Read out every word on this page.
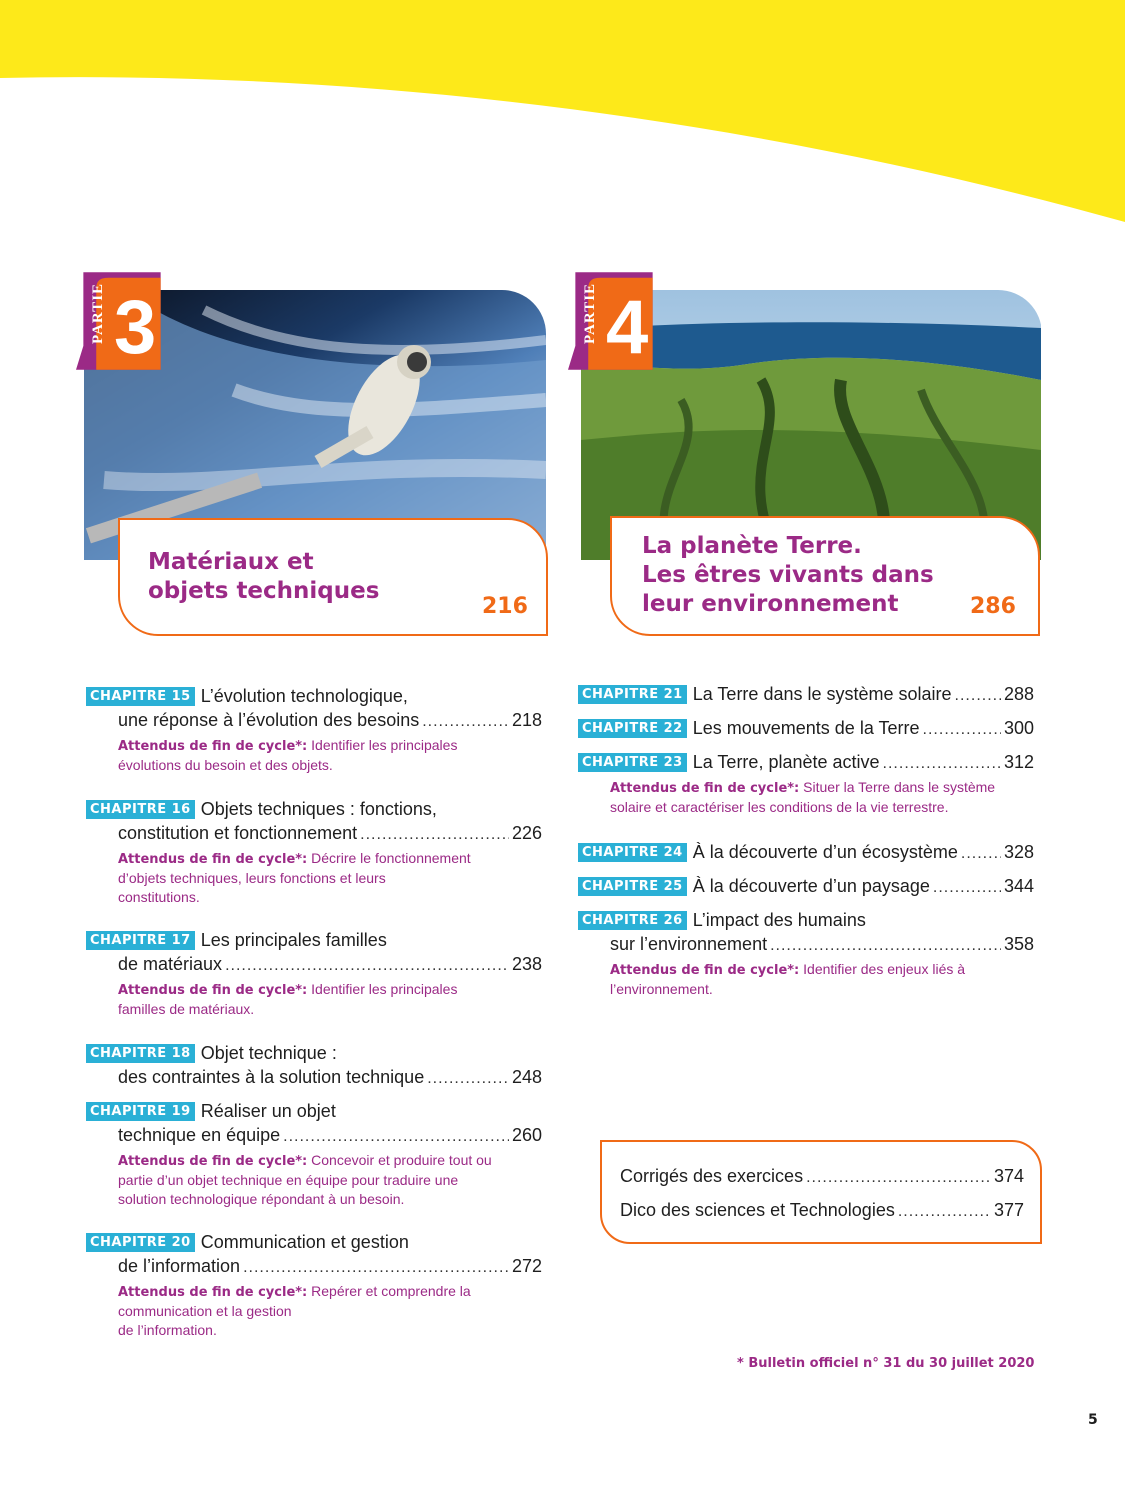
PARTIE 3
Matériaux et
objets techniques
216
PARTIE 4
La planète Terre.
Les êtres vivants dans
leur environnement	286
CHAPITRE 15 L’évolution technologique,
une réponse à l’évolution des besoins .....	218
Attendus de fin de cycle*: Identifier les principales
évolutions du besoin et des objets.
CHAPITRE 16 Objets techniques : fonctions,
constitution et fonctionnement .....	226
Attendus de fin de cycle*: Décrire le fonctionnement
d’objets techniques, leurs fonctions et leurs
constitutions.
CHAPITRE 17 Les principales familles
de matériaux .....	238
Attendus de fin de cycle*: Identifier les principales
familles de matériaux.
CHAPITRE 18 Objet technique :
des contraintes à la solution technique .....	248
CHAPITRE 19 Réaliser un objet
technique en équipe .....	260
Attendus de fin de cycle*: Concevoir et produire tout ou
partie d’un objet technique en équipe pour traduire une
solution technologique répondant à un besoin.
CHAPITRE 20 Communication et gestion
de l’information .....	272
Attendus de fin de cycle*: Repérer et comprendre la
communication et la gestion
de l’information.
CHAPITRE 21 La Terre dans le système solaire .....	288
CHAPITRE 22 Les mouvements de la Terre .....	300
CHAPITRE 23 La Terre, planète active .....	312
Attendus de fin de cycle*: Situer la Terre dans le système
solaire et caractériser les conditions de la vie terrestre.
CHAPITRE 24 À la découverte d’un écosystème .....	328
CHAPITRE 25 À la découverte d’un paysage .....	344
CHAPITRE 26 L’impact des humains
sur l’environnement .....	358
Attendus de fin de cycle*: Identifier des enjeux liés à
l’environnement.
Corrigés des exercices .....	374
Dico des sciences et Technologies .....	377
* Bulletin officiel n° 31 du 30 juillet 2020
5
